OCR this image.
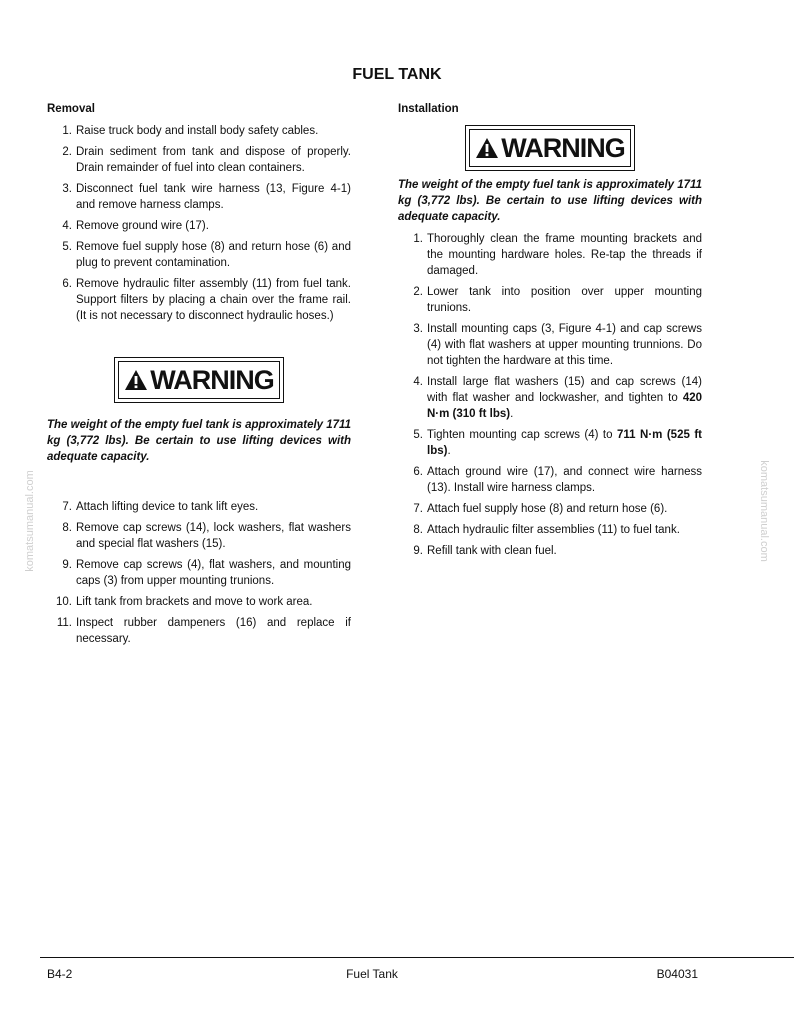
FUEL TANK
Removal
1. Raise truck body and install body safety cables.
2. Drain sediment from tank and dispose of properly. Drain remainder of fuel into clean containers.
3. Disconnect fuel tank wire harness (13, Figure 4-1) and remove harness clamps.
4. Remove ground wire (17).
5. Remove fuel supply hose (8) and return hose (6) and plug to prevent contamination.
6. Remove hydraulic filter assembly (11) from fuel tank. Support filters by placing a chain over the frame rail. (It is not necessary to disconnect hydraulic hoses.)
WARNING

The weight of the empty fuel tank is approximately 1711 kg (3,772 lbs). Be certain to use lifting devices with adequate capacity.

7. Attach lifting device to tank lift eyes.
8. Remove cap screws (14), lock washers, flat washers and special flat washers (15).
9. Remove cap screws (4), flat washers, and mounting caps (3) from upper mounting trunions.
10. Lift tank from brackets and move to work area.
11. Inspect rubber dampeners (16) and replace if necessary.
Installation
WARNING

The weight of the empty fuel tank is approximately 1711 kg (3,772 lbs). Be certain to use lifting devices with adequate capacity.

1. Thoroughly clean the frame mounting brackets and the mounting hardware holes. Re-tap the threads if damaged.
2. Lower tank into position over upper mounting trunions.
3. Install mounting caps (3, Figure 4-1) and cap screws (4) with flat washers at upper mounting trunnions. Do not tighten the hardware at this time.
4. Install large flat washers (15) and cap screws (14) with flat washer and lockwasher, and tighten to 420 N·m (310 ft lbs).
5. Tighten mounting cap screws (4) to 711 N·m (525 ft lbs).
6. Attach ground wire (17), and connect wire harness (13). Install wire harness clamps.
7. Attach fuel supply hose (8) and return hose (6).
8. Attach hydraulic filter assemblies (11) to fuel tank.
9. Refill tank with clean fuel.
komatsumanual.com	komatsumanual.com
B4-2	Fuel Tank	B04031
